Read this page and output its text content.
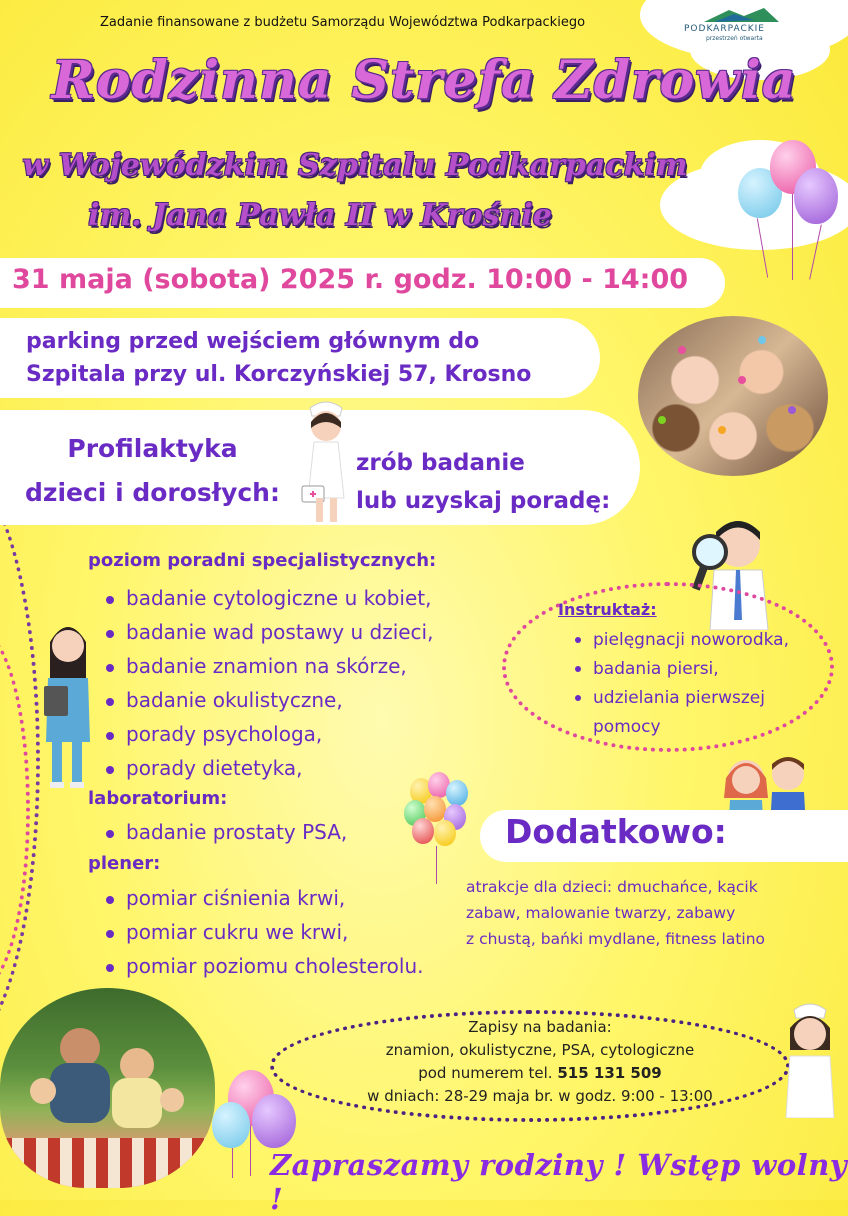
Zadanie finansowane z budżetu Samorządu Województwa Podkarpackiego	PODKARPACKIE
przestrzeń otwarta
Rodzinna Strefa Zdrowia
w Wojewódzkim Szpitalu Podkarpackim
im. Jana Pawła II w Krośnie
31 maja (sobota) 2025 r. godz. 10:00 - 14:00
parking przed wejściem głównym do
Szpitala przy ul. Korczyńskiej 57, Krosno
Profilaktyka
dzieci i dorosłych:
zrób badanie
lub uzyskaj poradę:
poziom poradni specjalistycznych:
badanie cytologiczne u kobiet,
badanie wad postawy u dzieci,
badanie znamion na skórze,
badanie okulistyczne,
porady psychologa,
porady dietetyka,
laboratorium:
badanie prostaty PSA,
plener:
pomiar ciśnienia krwi,
pomiar cukru we krwi,
pomiar poziomu cholesterolu.
Instruktaż:
pielęgnacji noworodka,
badania piersi,
udzielania pierwszej
pomocy
Dodatkowo:
atrakcje dla dzieci: dmuchańce, kącik
zabaw, malowanie twarzy, zabawy
z chustą, bańki mydlane, fitness latino
Zapisy na badania:
znamion, okulistyczne, PSA, cytologiczne
pod numerem tel. 515 131 509
w dniach: 28-29 maja br. w godz. 9:00 - 13:00
Zapraszamy rodziny ! Wstęp wolny !
